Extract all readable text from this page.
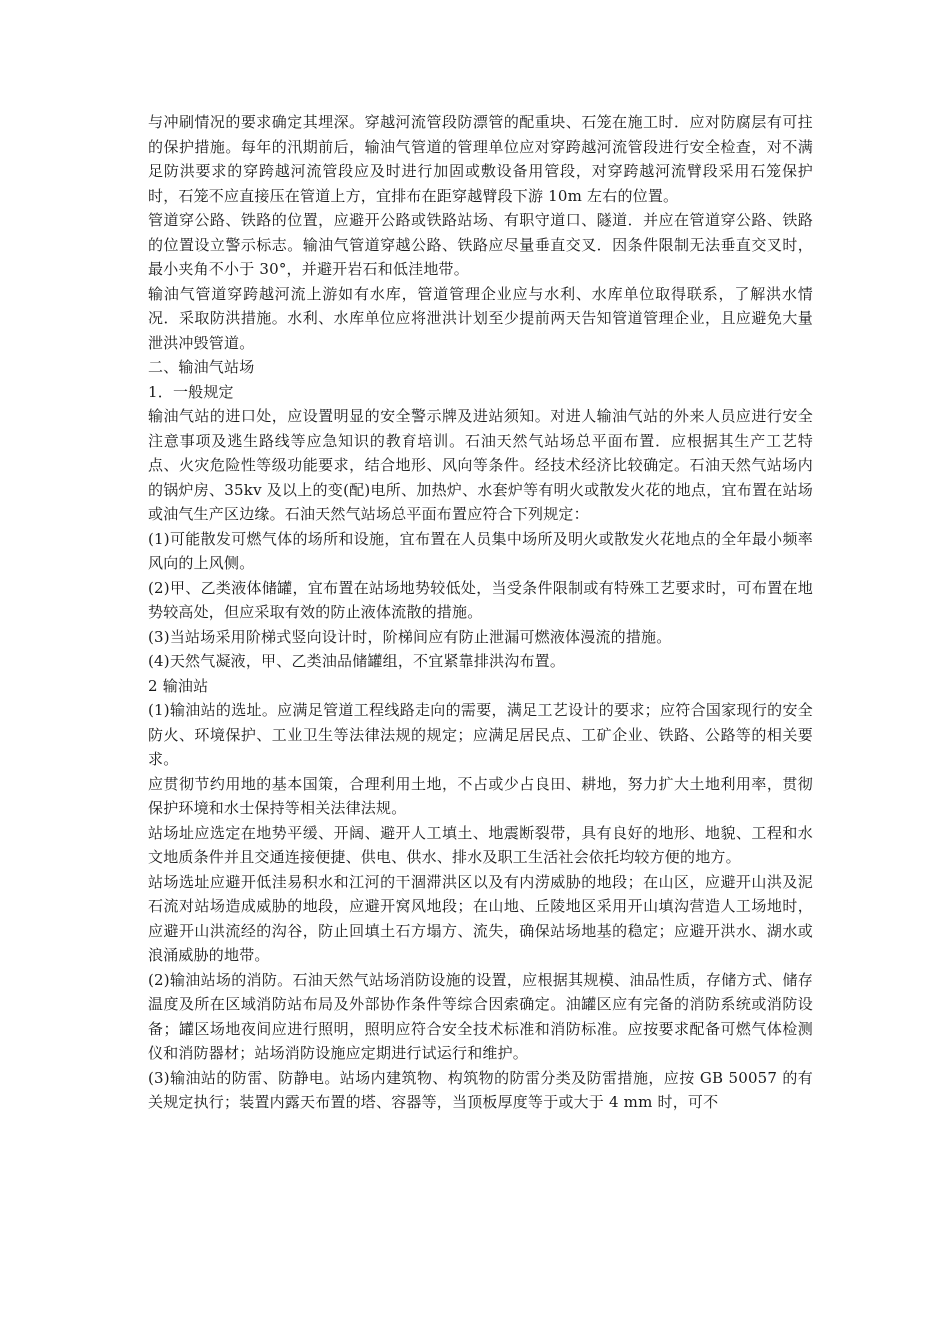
与冲刷情况的要求确定其埋深。穿越河流管段防漂管的配重块、石笼在施工时．应对防腐层有可拄的保护措施。每年的汛期前后，输油气管道的管理单位应对穿跨越河流管段进行安全检查，对不满足防洪要求的穿跨越河流管段应及时进行加固或敷设备用管段，对穿跨越河流臂段采用石笼保护时，石笼不应直接压在管道上方，宜排布在距穿越臂段下游 10m 左右的位置。

管道穿公路、铁路的位置，应避开公路或铁路站场、有职守道口、隧道．并应在管道穿公路、铁路的位置设立警示标志。输油气管道穿越公路、铁路应尽量垂直交叉．因条件限制无法垂直交叉时，最小夹角不小于 30°，并避开岩石和低洼地带。

输油气管道穿跨越河流上游如有水库，管道管理企业应与水利、水库单位取得联系，了解洪水情况．采取防洪措施。水利、水库单位应将泄洪计划至少提前两天告知管道管理企业，且应避免大量泄洪冲毁管道。

二、输油气站场

1．一般规定

输油气站的进口处，应设置明显的安全警示牌及进站须知。对进人输油气站的外来人员应进行安全注意事项及逃生路线等应急知识的教育培训。石油天然气站场总平面布置．应根据其生产工艺特点、火灾危险性等级功能要求，结合地形、风向等条件。经技术经济比较确定。石油天然气站场内的锅炉房、35kv 及以上的变(配)电所、加热炉、水套炉等有明火或散发火花的地点，宜布置在站场或油气生产区边缘。石油天然气站场总平面布置应符合下列规定：

(1)可能散发可燃气体的场所和设施，宜布置在人员集中场所及明火或散发火花地点的全年最小频率风向的上风侧。

(2)甲、乙类液体储罐，宜布置在站场地势较低处，当受条件限制或有特殊工艺要求时，可布置在地势较高处，但应采取有效的防止液体流散的措施。

(3)当站场采用阶梯式竖向设计时，阶梯间应有防止泄漏可燃液体漫流的措施。

(4)天然气凝液，甲、乙类油品储罐组，不宜紧靠排洪沟布置。

2 输油站

(1)输油站的选址。应满足管道工程线路走向的需要，满足工艺设计的要求；应符合国家现行的安全防火、环境保护、工业卫生等法律法规的规定；应满足居民点、工矿企业、铁路、公路等的相关要求。

应贯彻节约用地的基本国策，合理利用土地，不占或少占良田、耕地，努力扩大土地利用率，贯彻保护环境和水士保持等相关法律法规。

站场址应选定在地势平缓、开阔、避开人工填土、地震断裂带，具有良好的地形、地貌、工程和水文地质条件并且交通连接便捷、供电、供水、排水及职工生活社会依托均较方便的地方。

站场选址应避开低洼易积水和江河的干涸滞洪区以及有内涝威胁的地段；在山区，应避开山洪及泥石流对站场造成威胁的地段，应避开窝风地段；在山地、丘陵地区采用开山填沟营造人工场地时，应避开山洪流经的沟谷，防止回填土石方塌方、流失，确保站场地基的稳定；应避开洪水、湖水或浪涌威胁的地带。

(2)输油站场的消防。石油天然气站场消防设施的设置，应根据其规模、油品性质，存储方式、储存温度及所在区域消防站布局及外部协作条件等综合因索确定。油罐区应有完备的消防系统或消防设备；罐区场地夜间应进行照明，照明应符合安全技术标准和消防标准。应按要求配备可燃气体检测仪和消防器材；站场消防设施应定期进行试运行和维护。

(3)输油站的防雷、防静电。站场内建筑物、构筑物的防雷分类及防雷措施，应按 GB 50057 的有关规定执行；装置内露天布置的塔、容器等，当顶板厚度等于或大于 4 mm 时，可不
